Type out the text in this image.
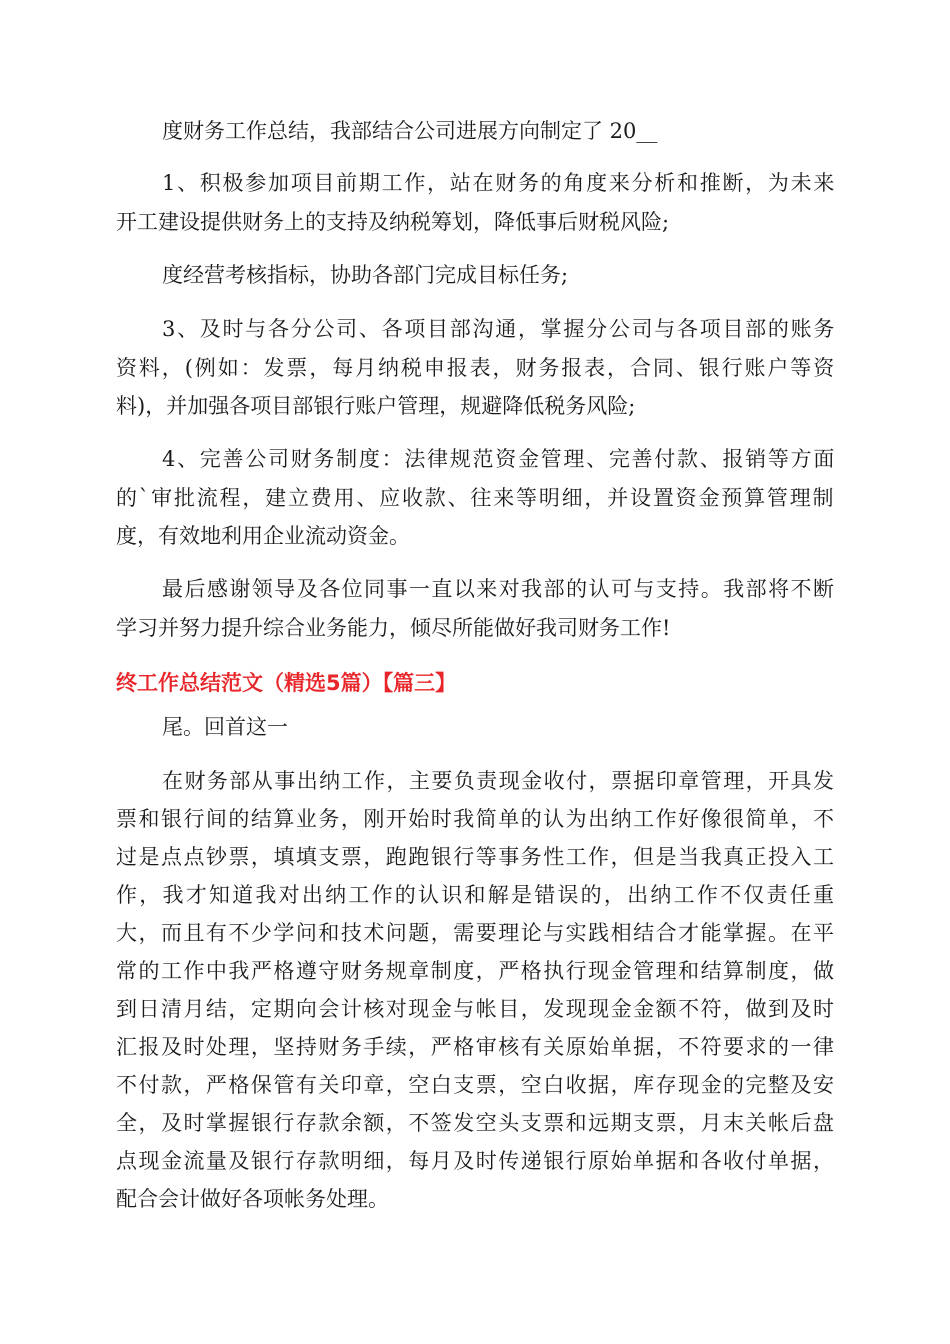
度财务工作总结，我部结合公司进展方向制定了 20__
1、积极参加项目前期工作，站在财务的角度来分析和推断，为未来
开工建设提供财务上的支持及纳税筹划，降低事后财税风险;
度经营考核指标，协助各部门完成目标任务;
3、及时与各分公司、各项目部沟通，掌握分公司与各项目部的账务
资料，(例如：发票，每月纳税申报表，财务报表，合同、银行账户等资
料)，并加强各项目部银行账户管理，规避降低税务风险;
4、完善公司财务制度：法律规范资金管理、完善付款、报销等方面
的`审批流程，建立费用、应收款、往来等明细，并设置资金预算管理制
度，有效地利用企业流动资金。
最后感谢领导及各位同事一直以来对我部的认可与支持。我部将不断
学习并努力提升综合业务能力，倾尽所能做好我司财务工作!
终工作总结范文（精选5篇）【篇三】
尾。回首这一
在财务部从事出纳工作，主要负责现金收付，票据印章管理，开具发
票和银行间的结算业务，刚开始时我简单的认为出纳工作好像很简单，不
过是点点钞票，填填支票，跑跑银行等事务性工作，但是当我真正投入工
作，我才知道我对出纳工作的认识和解是错误的，出纳工作不仅责任重
大，而且有不少学问和技术问题，需要理论与实践相结合才能掌握。在平
常的工作中我严格遵守财务规章制度，严格执行现金管理和结算制度，做
到日清月结，定期向会计核对现金与帐目，发现现金金额不符，做到及时
汇报及时处理，坚持财务手续，严格审核有关原始单据，不符要求的一律
不付款，严格保管有关印章，空白支票，空白收据，库存现金的完整及安
全，及时掌握银行存款余额，不签发空头支票和远期支票，月末关帐后盘
点现金流量及银行存款明细，每月及时传递银行原始单据和各收付单据，
配合会计做好各项帐务处理。
